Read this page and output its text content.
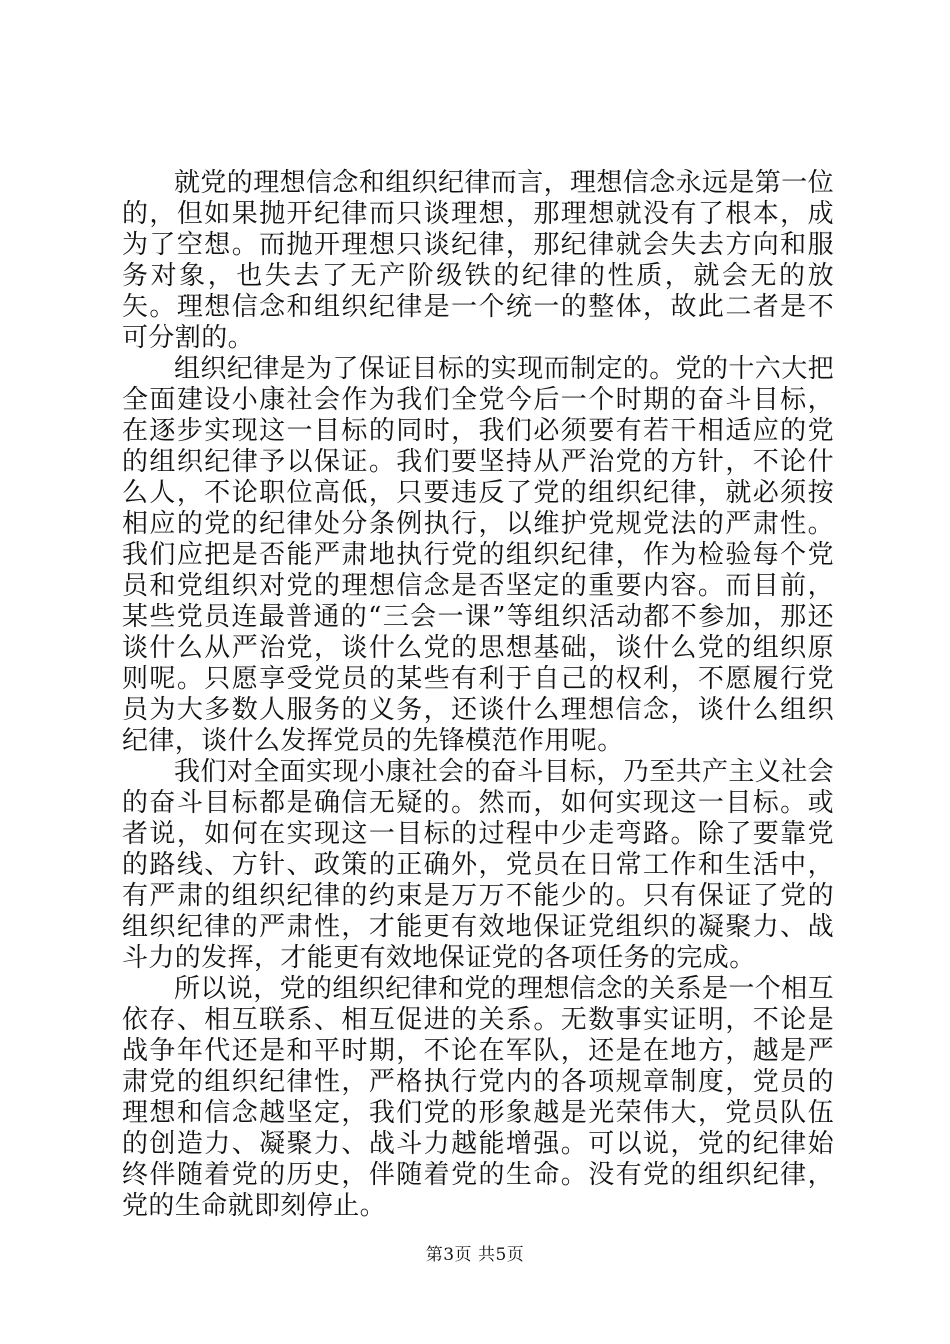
就党的理想信念和组织纪律而言，理想信念永远是第一位的，但如果抛开纪律而只谈理想，那理想就没有了根本，成为了空想。而抛开理想只谈纪律，那纪律就会失去方向和服务对象，也失去了无产阶级铁的纪律的性质，就会无的放矢。理想信念和组织纪律是一个统一的整体，故此二者是不可分割的。

组织纪律是为了保证目标的实现而制定的。党的十六大把全面建设小康社会作为我们全党今后一个时期的奋斗目标，在逐步实现这一目标的同时，我们必须要有若干相适应的党的组织纪律予以保证。我们要坚持从严治党的方针，不论什么人，不论职位高低，只要违反了党的组织纪律，就必须按相应的党的纪律处分条例执行，以维护党规党法的严肃性。我们应把是否能严肃地执行党的组织纪律，作为检验每个党员和党组织对党的理想信念是否坚定的重要内容。而目前，某些党员连最普通的“三会一课”等组织活动都不参加，那还谈什么从严治党，谈什么党的思想基础，谈什么党的组织原则呢。只愿享受党员的某些有利于自己的权利，不愿履行党员为大多数人服务的义务，还谈什么理想信念，谈什么组织纪律，谈什么发挥党员的先锋模范作用呢。

我们对全面实现小康社会的奋斗目标，乃至共产主义社会的奋斗目标都是确信无疑的。然而，如何实现这一目标。或者说，如何在实现这一目标的过程中少走弯路。除了要靠党的路线、方针、政策的正确外，党员在日常工作和生活中，有严肃的组织纪律的约束是万万不能少的。只有保证了党的组织纪律的严肃性，才能更有效地保证党组织的凝聚力、战斗力的发挥，才能更有效地保证党的各项任务的完成。

所以说，党的组织纪律和党的理想信念的关系是一个相互依存、相互联系、相互促进的关系。无数事实证明，不论是战争年代还是和平时期，不论在军队，还是在地方，越是严肃党的组织纪律性，严格执行党内的各项规章制度，党员的理想和信念越坚定，我们党的形象越是光荣伟大，党员队伍的创造力、凝聚力、战斗力越能增强。可以说，党的纪律始终伴随着党的历史，伴随着党的生命。没有党的组织纪律，党的生命就即刻停止。

第3页 共5页
